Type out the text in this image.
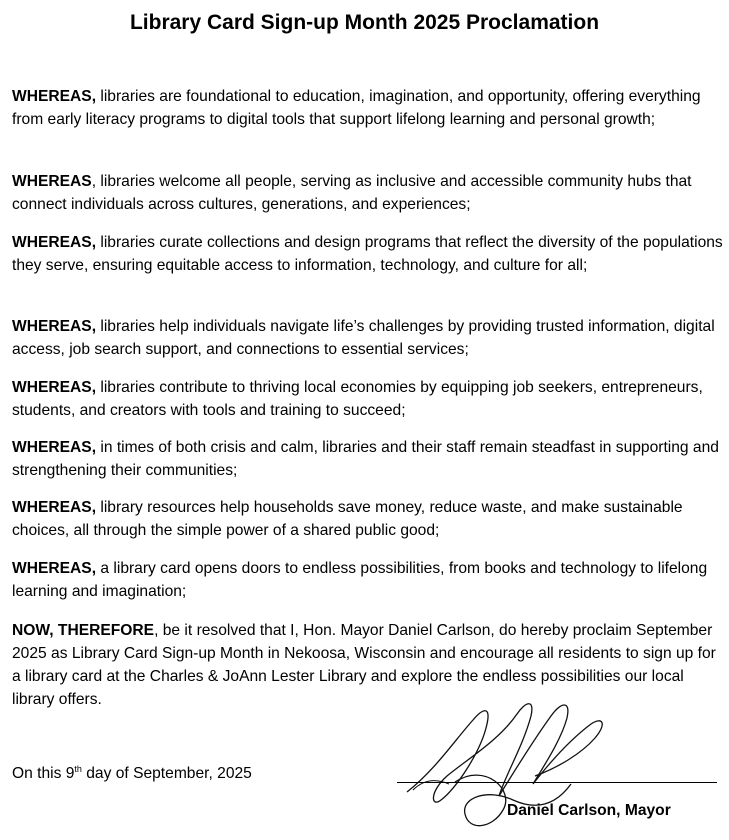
Library Card Sign-up Month 2025 Proclamation

WHEREAS, libraries are foundational to education, imagination, and opportunity, offering everything from early literacy programs to digital tools that support lifelong learning and personal growth;

WHEREAS, libraries welcome all people, serving as inclusive and accessible community hubs that connect individuals across cultures, generations, and experiences;

WHEREAS, libraries curate collections and design programs that reflect the diversity of the populations they serve, ensuring equitable access to information, technology, and culture for all;

WHEREAS, libraries help individuals navigate life’s challenges by providing trusted information, digital access, job search support, and connections to essential services;

WHEREAS, libraries contribute to thriving local economies by equipping job seekers, entrepreneurs, students, and creators with tools and training to succeed;

WHEREAS, in times of both crisis and calm, libraries and their staff remain steadfast in supporting and strengthening their communities;

WHEREAS, library resources help households save money, reduce waste, and make sustainable choices, all through the simple power of a shared public good;

WHEREAS, a library card opens doors to endless possibilities, from books and technology to lifelong learning and imagination;

NOW, THEREFORE, be it resolved that I, Hon. Mayor Daniel Carlson, do hereby proclaim September 2025 as Library Card Sign-up Month in Nekoosa, Wisconsin and encourage all residents to sign up for a library card at the Charles & JoAnn Lester Library and explore the endless possibilities our local library offers.

On this 9th day of September, 2025

Daniel Carlson, Mayor
